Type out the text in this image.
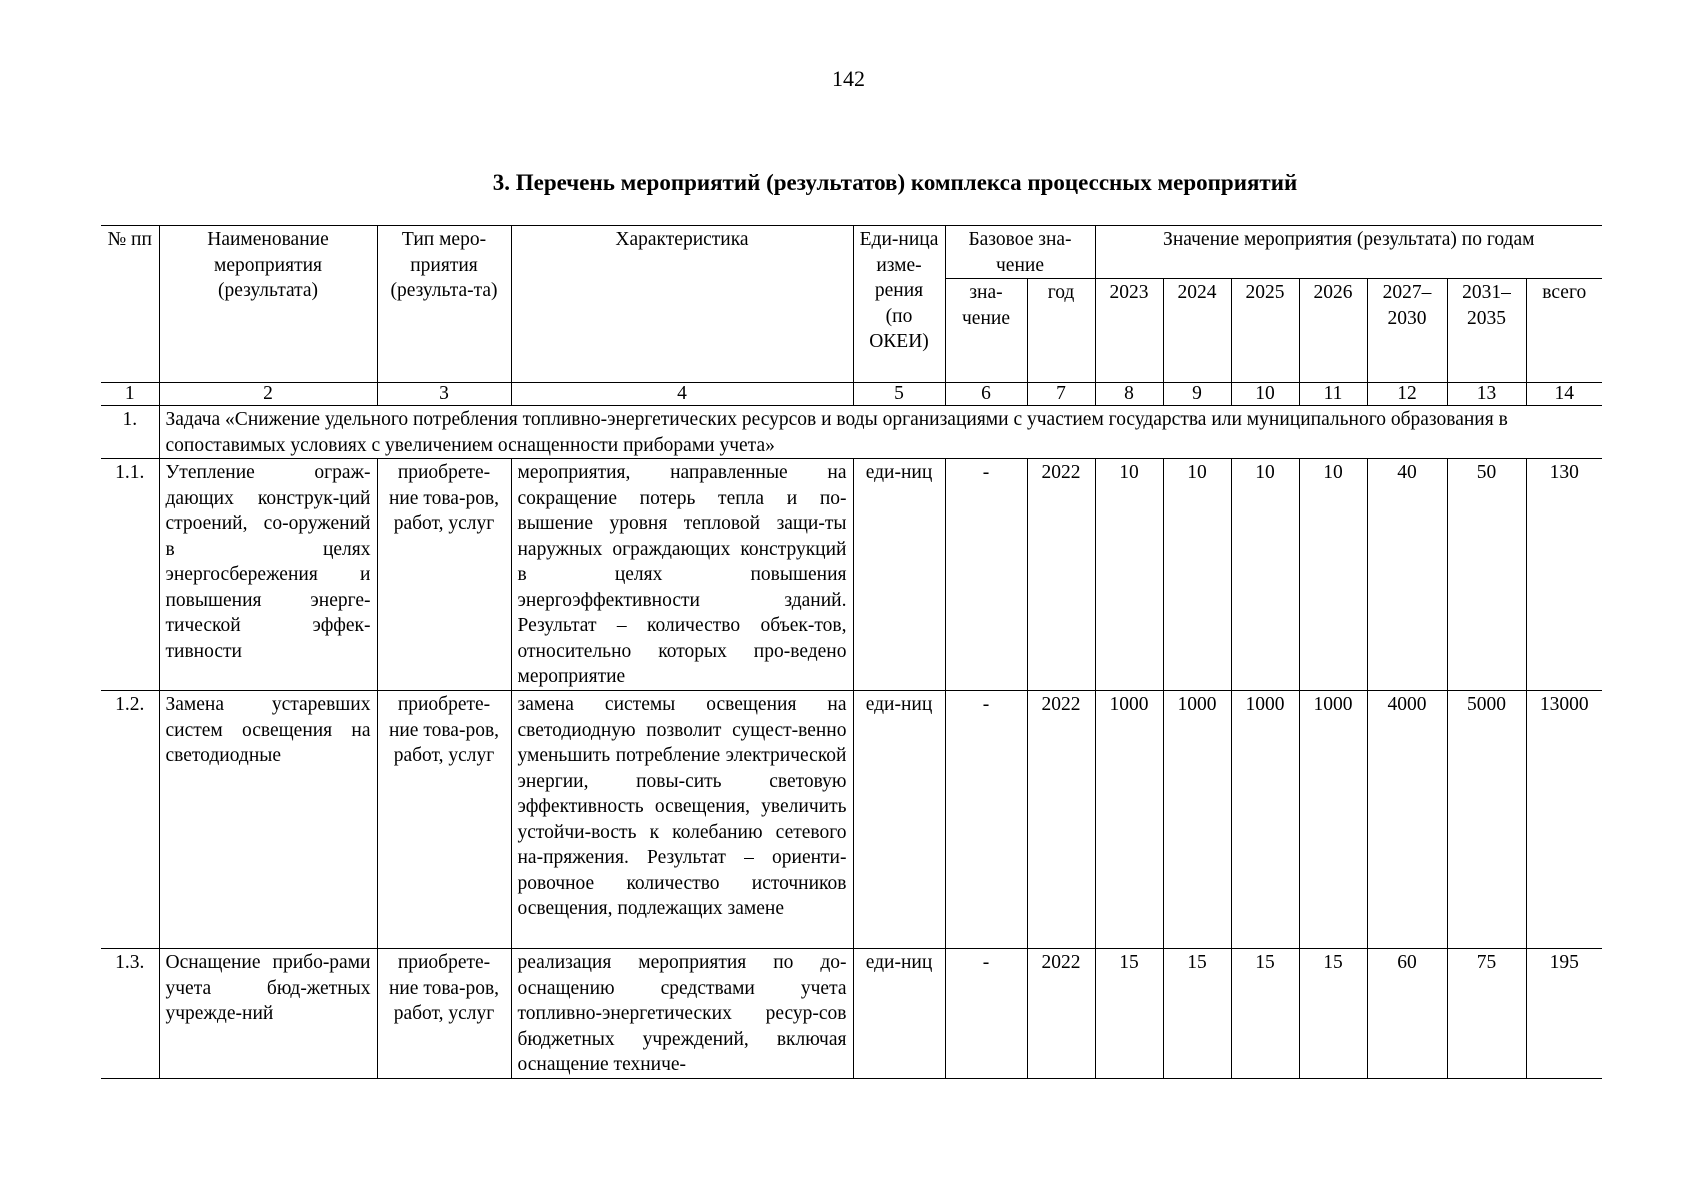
142
3. Перечень мероприятий (результатов) комплекса процессных мероприятий
№ пп	Наименование мероприятия (результата)	Тип меро-приятия (результа-та)	Характеристика	Еди-ница изме-рения (по ОКЕИ)	Базовое зна-чение		Значение мероприятия (результата) по годам						
					зна-чение	год	2023	2024	2025	2026	2027–2030	2031–2035	всего
1	2	3	4	5	6	7	8	9	10	11	12	13	14
1.	Задача «Снижение удельного потребления топливно-энергетических ресурсов и воды организациями с участием государства или муниципального образования в сопоставимых условиях с увеличением оснащенности приборами учета»												
1.1.	Утепление ограж-дающих конструк-ций строений, со-оружений в целях энергосбережения и повышения энерге-тической эффек-тивности	приобрете-ние това-ров, работ, услуг	мероприятия, направленные на сокращение потерь тепла и по-вышение уровня тепловой защи-ты наружных ограждающих конструкций в целях повышения энергоэффективности зданий. Результат – количество объек-тов, относительно которых про-ведено мероприятие	еди-ниц	-	2022	10	10	10	10	40	50	130
1.2.	Замена устаревших систем освещения на светодиодные	приобрете-ние това-ров, работ, услуг	замена системы освещения на светодиодную позволит сущест-венно уменьшить потребление электрической энергии, повы-сить световую эффективность освещения, увеличить устойчи-вость к колебанию сетевого на-пряжения. Результат – ориенти-ровочное количество источников освещения, подлежащих замене	еди-ниц	-	2022	1000	1000	1000	1000	4000	5000	13000
1.3.	Оснащение прибо-рами учета бюд-жетных учрежде-ний	приобрете-ние това-ров, работ, услуг	реализация мероприятия по до-оснащению средствами учета топливно-энергетических ресур-сов бюджетных учреждений, включая оснащение техниче-	еди-ниц	-	2022	15	15	15	15	60	75	195
